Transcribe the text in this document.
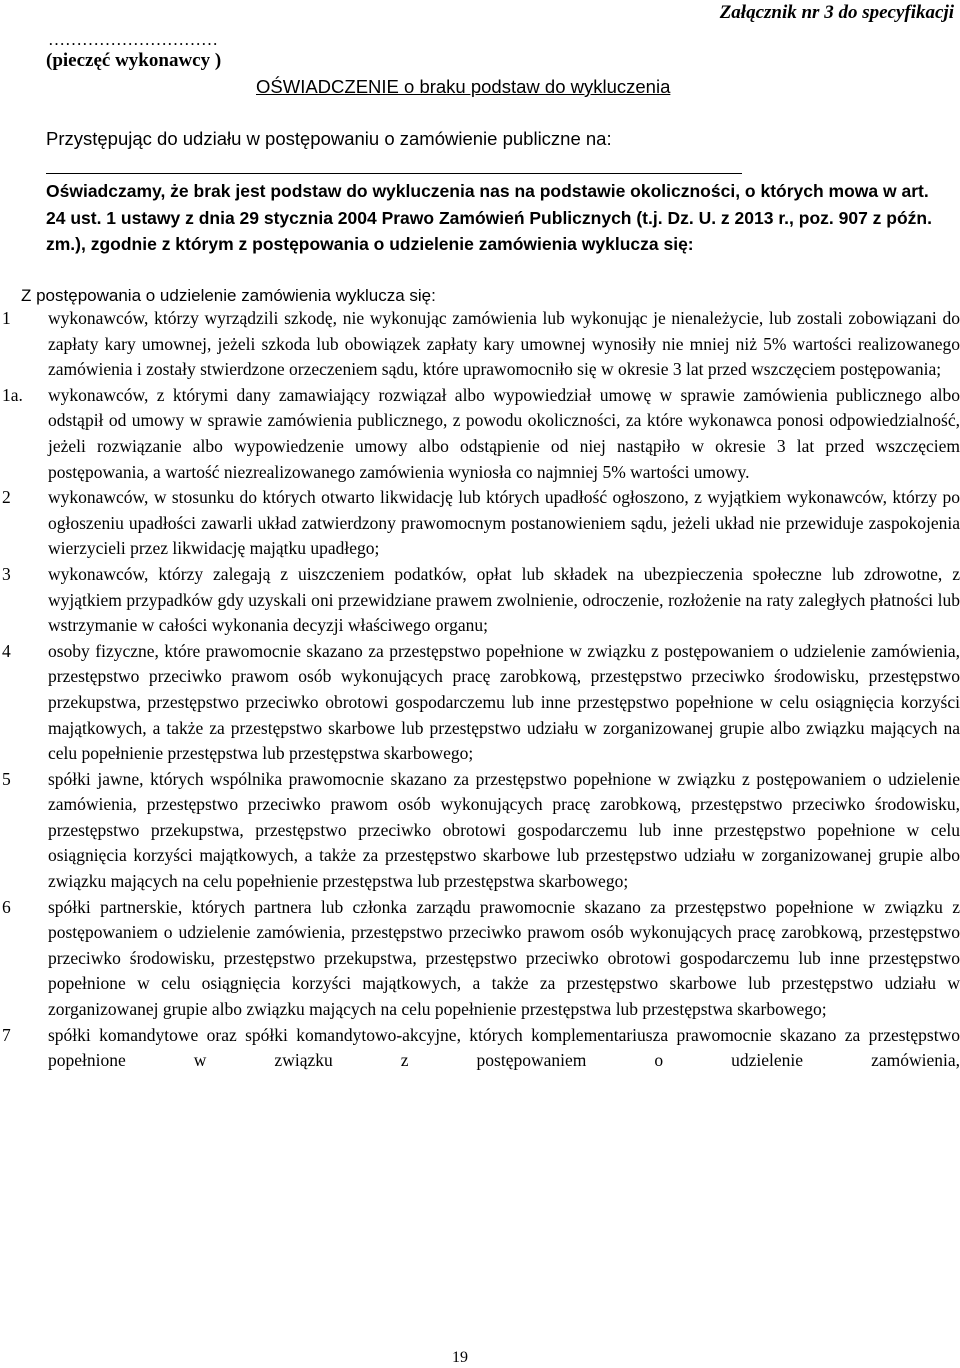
Załącznik nr 3 do specyfikacji
…………………………
(pieczęć wykonawcy )
OŚWIADCZENIE o braku podstaw do wykluczenia
Przystępując do udziału w postępowaniu o zamówienie publiczne na:
Oświadczamy, że brak jest podstaw do wykluczenia nas na podstawie okoliczności, o których mowa w art. 24 ust. 1 ustawy z dnia 29 stycznia 2004 Prawo Zamówień Publicznych (t.j. Dz. U. z 2013 r., poz. 907 z późn. zm.), zgodnie z którym z postępowania o udzielenie zamówienia wyklucza się:
Z postępowania o udzielenie zamówienia wyklucza się:
1 wykonawców, którzy wyrządzili szkodę, nie wykonując zamówienia lub wykonując je nienależycie, lub zostali zobowiązani do zapłaty kary umownej, jeżeli szkoda lub obowiązek zapłaty kary umownej wynosiły nie mniej niż 5% wartości realizowanego zamówienia i zostały stwierdzone orzeczeniem sądu, które uprawomocniło się w okresie 3 lat przed wszczęciem postępowania;

1a. wykonawców, z którymi dany zamawiający rozwiązał albo wypowiedział umowę w sprawie zamówienia publicznego albo odstąpił od umowy w sprawie zamówienia publicznego, z powodu okoliczności, za które wykonawca ponosi odpowiedzialność, jeżeli rozwiązanie albo wypowiedzenie umowy albo odstąpienie od niej nastąpiło w okresie 3 lat przed wszczęciem postępowania, a wartość niezrealizowanego zamówienia wyniosła co najmniej 5% wartości umowy.

2 wykonawców, w stosunku do których otwarto likwidację lub których upadłość ogłoszono, z wyjątkiem wykonawców, którzy po ogłoszeniu upadłości zawarli układ zatwierdzony prawomocnym postanowieniem sądu, jeżeli układ nie przewiduje zaspokojenia wierzycieli przez likwidację majątku upadłego;

3 wykonawców, którzy zalegają z uiszczeniem podatków, opłat lub składek na ubezpieczenia społeczne lub zdrowotne, z wyjątkiem przypadków gdy uzyskali oni przewidziane prawem zwolnienie, odroczenie, rozłożenie na raty zaległych płatności lub wstrzymanie w całości wykonania decyzji właściwego organu;

4 osoby fizyczne, które prawomocnie skazano za przestępstwo popełnione w związku z postępowaniem o udzielenie zamówienia, przestępstwo przeciwko prawom osób wykonujących pracę zarobkową, przestępstwo przeciwko środowisku, przestępstwo przekupstwa, przestępstwo przeciwko obrotowi gospodarczemu lub inne przestępstwo popełnione w celu osiągnięcia korzyści majątkowych, a także za przestępstwo skarbowe lub przestępstwo udziału w zorganizowanej grupie albo związku mających na celu popełnienie przestępstwa lub przestępstwa skarbowego;

5 spółki jawne, których wspólnika prawomocnie skazano za przestępstwo popełnione w związku z postępowaniem o udzielenie zamówienia, przestępstwo przeciwko prawom osób wykonujących pracę zarobkową, przestępstwo przeciwko środowisku, przestępstwo przekupstwa, przestępstwo przeciwko obrotowi gospodarczemu lub inne przestępstwo popełnione w celu osiągnięcia korzyści majątkowych, a także za przestępstwo skarbowe lub przestępstwo udziału w zorganizowanej grupie albo związku mających na celu popełnienie przestępstwa lub przestępstwa skarbowego;

6 spółki partnerskie, których partnera lub członka zarządu prawomocnie skazano za przestępstwo popełnione w związku z postępowaniem o udzielenie zamówienia, przestępstwo przeciwko prawom osób wykonujących pracę zarobkową, przestępstwo przeciwko środowisku, przestępstwo przekupstwa, przestępstwo przeciwko obrotowi gospodarczemu lub inne przestępstwo popełnione w celu osiągnięcia korzyści majątkowych, a także za przestępstwo skarbowe lub przestępstwo udziału w zorganizowanej grupie albo związku mających na celu popełnienie przestępstwa lub przestępstwa skarbowego;

7 spółki komandytowe oraz spółki komandytowo-akcyjne, których komplementariusza prawomocnie skazano za przestępstwo popełnione w związku z postępowaniem o udzielenie zamówienia,

19
